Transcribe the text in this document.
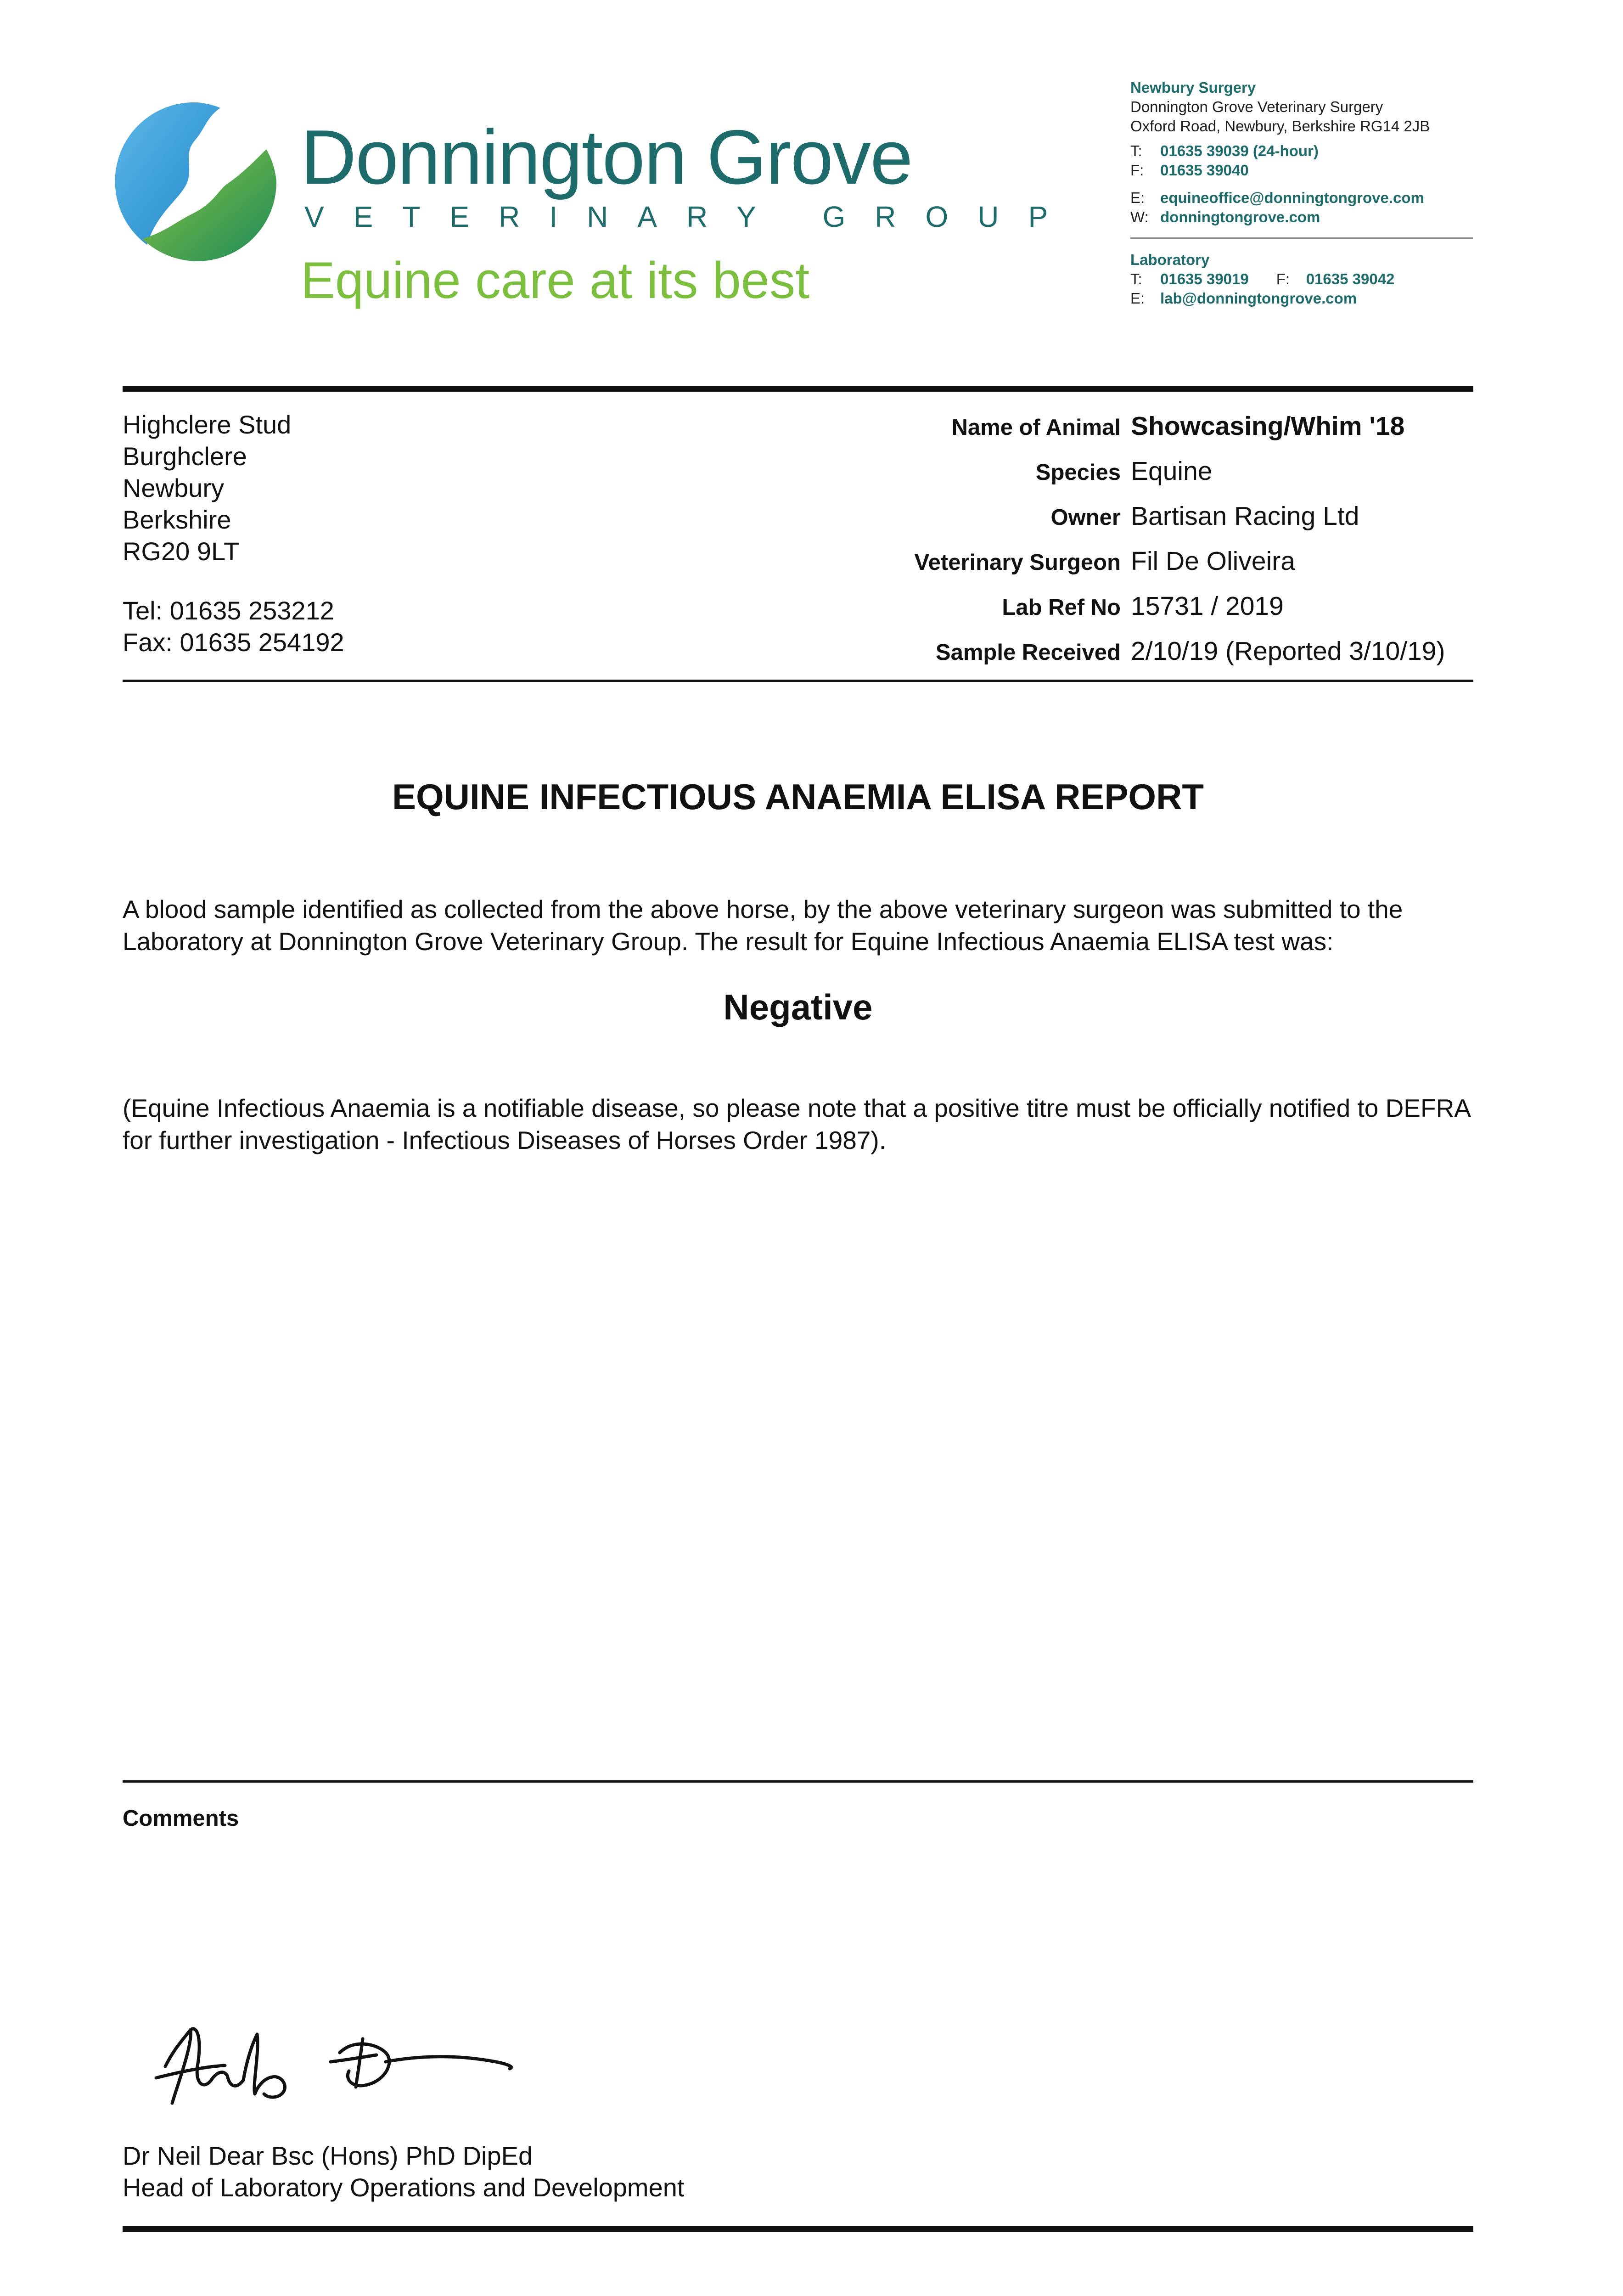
Donnington Grove
VETERINARY GROUP
Equine care at its best
Newbury Surgery
Donnington Grove Veterinary Surgery
Oxford Road, Newbury, Berkshire RG14 2JB
T: 01635 39039 (24-hour)
F: 01635 39040
E: equineoffice@donningtongrove.com
W: donningtongrove.com
Laboratory
T: 01635 39019 F: 01635 39042
E: lab@donningtongrove.com
Highclere Stud
Burghclere
Newbury
Berkshire
RG20 9LT
Tel: 01635 253212
Fax: 01635 254192
Name of Animal Showcasing/Whim '18
Species Equine
Owner Bartisan Racing Ltd
Veterinary Surgeon Fil De Oliveira
Lab Ref No 15731 / 2019
Sample Received 2/10/19 (Reported 3/10/19)
EQUINE INFECTIOUS ANAEMIA ELISA REPORT
A blood sample identified as collected from the above horse, by the above veterinary surgeon was submitted to the Laboratory at Donnington Grove Veterinary Group. The result for Equine Infectious Anaemia ELISA test was:
Negative
(Equine Infectious Anaemia is a notifiable disease, so please note that a positive titre must be officially notified to DEFRA for further investigation - Infectious Diseases of Horses Order 1987).
Comments
Dr Neil Dear Bsc (Hons) PhD DipEd
Head of Laboratory Operations and Development
